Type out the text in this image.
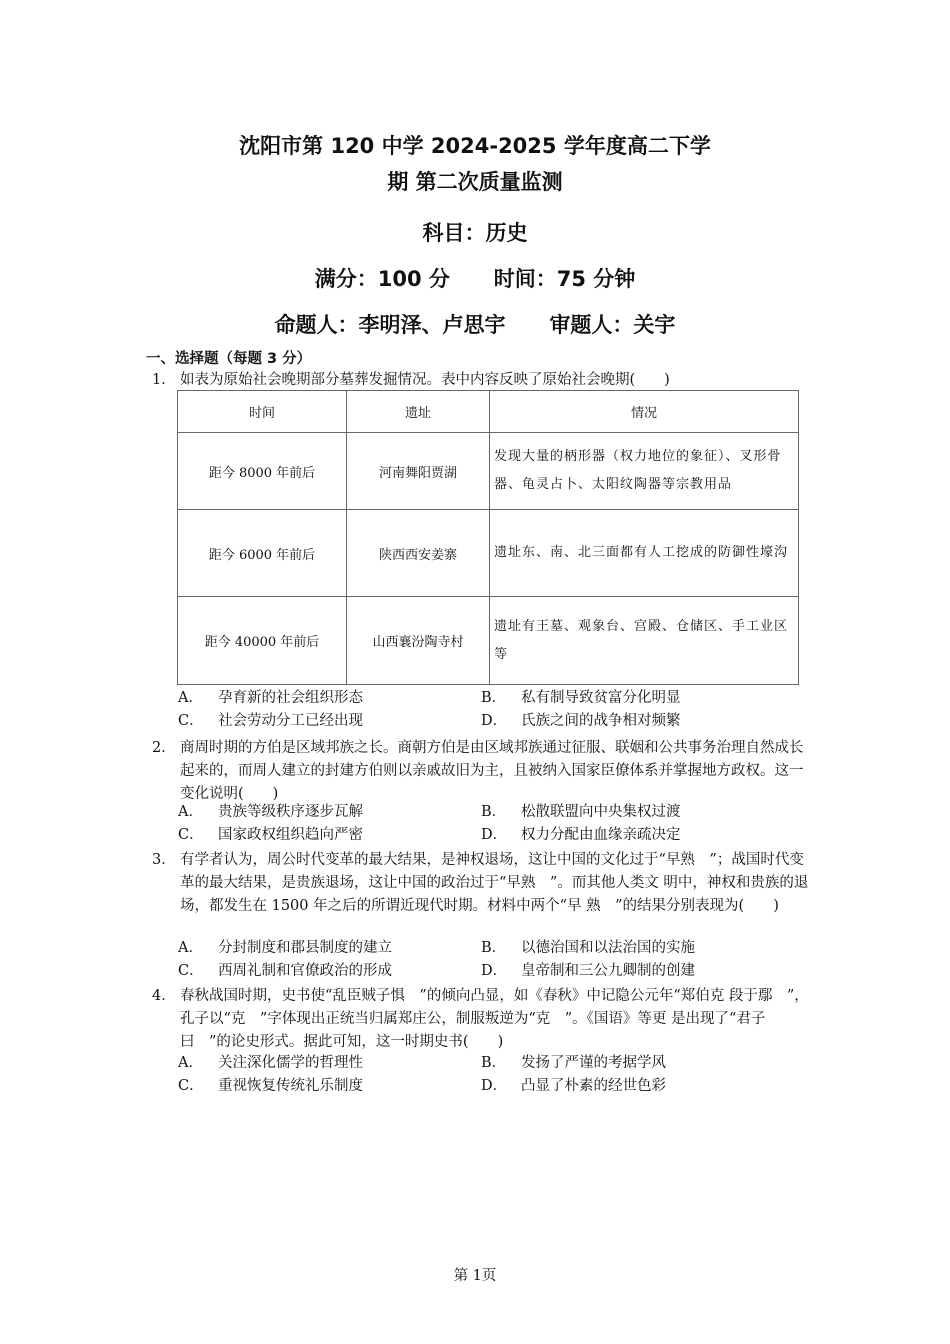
沈阳市第 120 中学 2024-2025 学年度高二下学
期 第二次质量监测
科目：历史
满分：100 分      时间：75 分钟
命题人：李明泽、卢思宇      审题人：关宇
一、选择题（每题 3 分）
1． 如表为原始社会晚期部分墓葬发掘情况。表中内容反映了原始社会晚期(　　)
时间	遗址	情况
距今 8000 年前后	河南舞阳贾湖	发现大量的柄形器（权力地位的象征）、叉形骨器、龟灵占卜、太阳纹陶器等宗教用品
距今 6000 年前后	陕西西安姜寨	遗址东、南、北三面都有人工挖成的防御性壕沟
距今 40000 年前后	山西襄汾陶寺村	遗址有王墓、观象台、宫殿、仓储区、手工业区等
A． 孕育新的社会组织形态	B． 私有制导致贫富分化明显
C． 社会劳动分工已经出现	D． 氏族之间的战争相对频繁
2． 商周时期的方伯是区域邦族之长。商朝方伯是由区域邦族通过征服、联姻和公共事务治理自然成长起来的，而周人建立的封建方伯则以亲戚故旧为主，且被纳入国家臣僚体系并掌握地方政权。这一变化说明(　　)
A． 贵族等级秩序逐步瓦解	B． 松散联盟向中央集权过渡
C． 国家政权组织趋向严密	D． 权力分配由血缘亲疏决定
3． 有学者认为，周公时代变革的最大结果，是神权退场，这让中国的文化过于“早熟　”；战国时代变革的最大结果，是贵族退场，这让中国的政治过于“早熟　”。而其他人类文 明中，神权和贵族的退场，都发生在 1500 年之后的所谓近现代时期。材料中两个“早 熟　”的结果分别表现为(　　)
A． 分封制度和郡县制度的建立	B． 以德治国和以法治国的实施
C． 西周礼制和官僚政治的形成	D． 皇帝制和三公九卿制的创建
4． 春秋战国时期，史书使“乱臣贼子惧　”的倾向凸显，如《春秋》中记隐公元年“郑伯克 段于鄢　”，孔子以“克　”字体现出正统当归属郑庄公，制服叛逆为“克　”。《国语》等更 是出现了“君子曰　”的论史形式。据此可知，这一时期史书(　　)
A． 关注深化儒学的哲理性	B． 发扬了严谨的考据学风
C． 重视恢复传统礼乐制度	D． 凸显了朴素的经世色彩
第 1页
